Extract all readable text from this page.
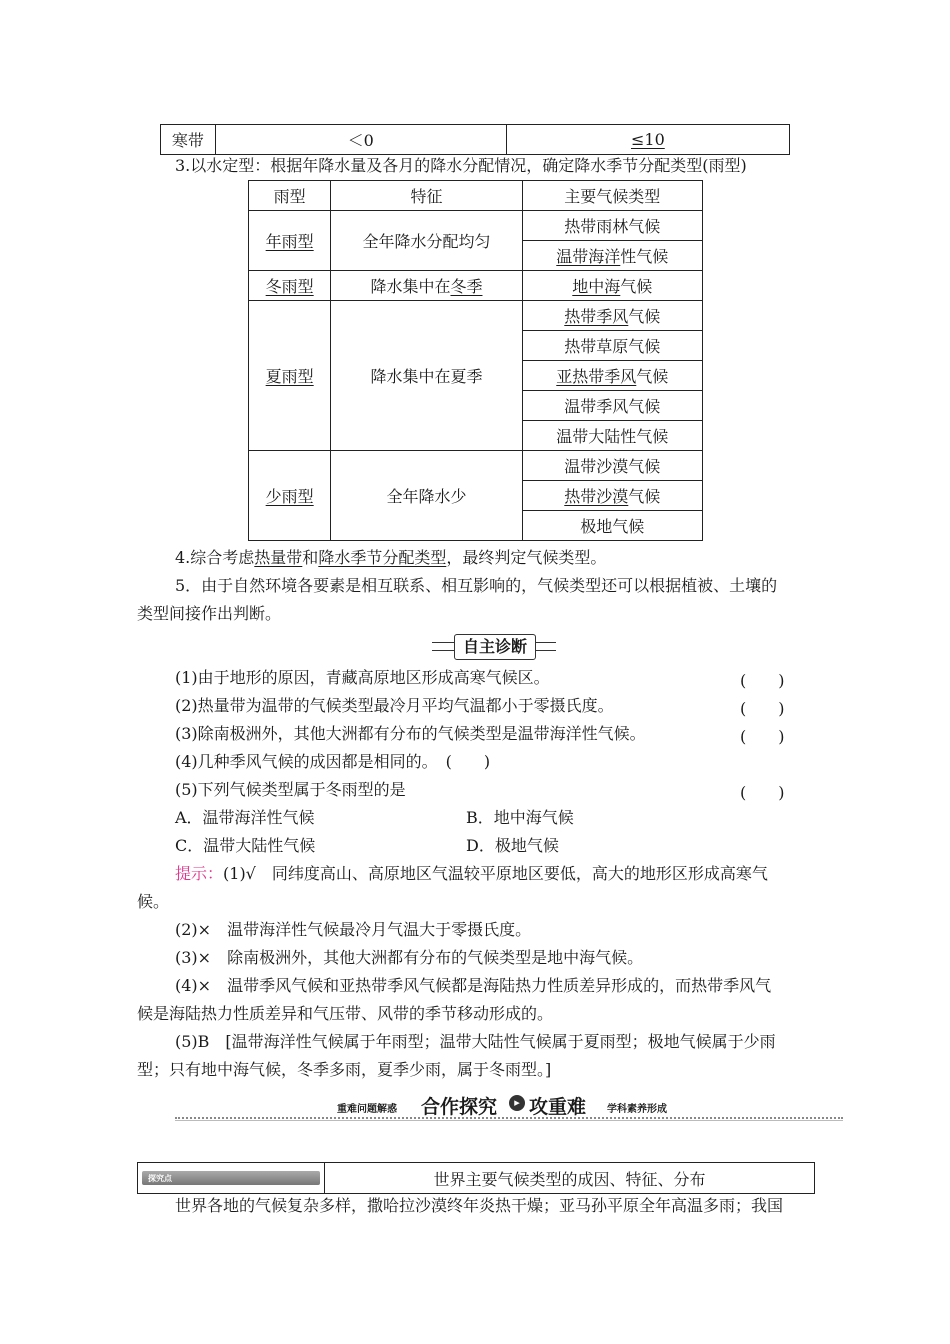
寒带	＜0	≤10
3.以水定型：根据年降水量及各月的降水分配情况，确定降水季节分配类型(雨型)
雨型	特征	主要气候类型
年雨型	全年降水分配均匀	热带雨林气候
		温带海洋性气候
冬雨型	降水集中在冬季	地中海气候
夏雨型	降水集中在夏季	热带季风气候
		热带草原气候
		亚热带季风气候
		温带季风气候
		温带大陆性气候
少雨型	全年降水少	温带沙漠气候
		热带沙漠气候
		极地气候
4.综合考虑热量带和降水季节分配类型，最终判定气候类型。
5．由于自然环境各要素是相互联系、相互影响的，气候类型还可以根据植被、土壤的
类型间接作出判断。
自主诊断
(1)由于地形的原因，青藏高原地区形成高寒气候区。	(　　)
(2)热量带为温带的气候类型最冷月平均气温都小于零摄氏度。	(　　)
(3)除南极洲外，其他大洲都有分布的气候类型是温带海洋性气候。	(　　)
(4)几种季风气候的成因都是相同的。　(　　)
(5)下列气候类型属于冬雨型的是	(　　)
A．温带海洋性气候	B．地中海气候
C．温带大陆性气候	D．极地气候
提示：(1)√　同纬度高山、高原地区气温较平原地区要低，高大的地形区形成高寒气
候。
(2)×　温带海洋性气候最冷月气温大于零摄氏度。
(3)×　除南极洲外，其他大洲都有分布的气候类型是地中海气候。
(4)×　温带季风气候和亚热带季风气候都是海陆热力性质差异形成的，而热带季风气
候是海陆热力性质差异和气压带、风带的季节移动形成的。
(5)B　[温带海洋性气候属于年雨型；温带大陆性气候属于夏雨型；极地气候属于少雨
型；只有地中海气候，冬季多雨，夏季少雨，属于冬雨型。]
重难问题解惑 合作探究	▸ 攻重难 学科素养形成
探究点	世界主要气候类型的成因、特征、分布
世界各地的气候复杂多样，撒哈拉沙漠终年炎热干燥；亚马孙平原全年高温多雨；我国
